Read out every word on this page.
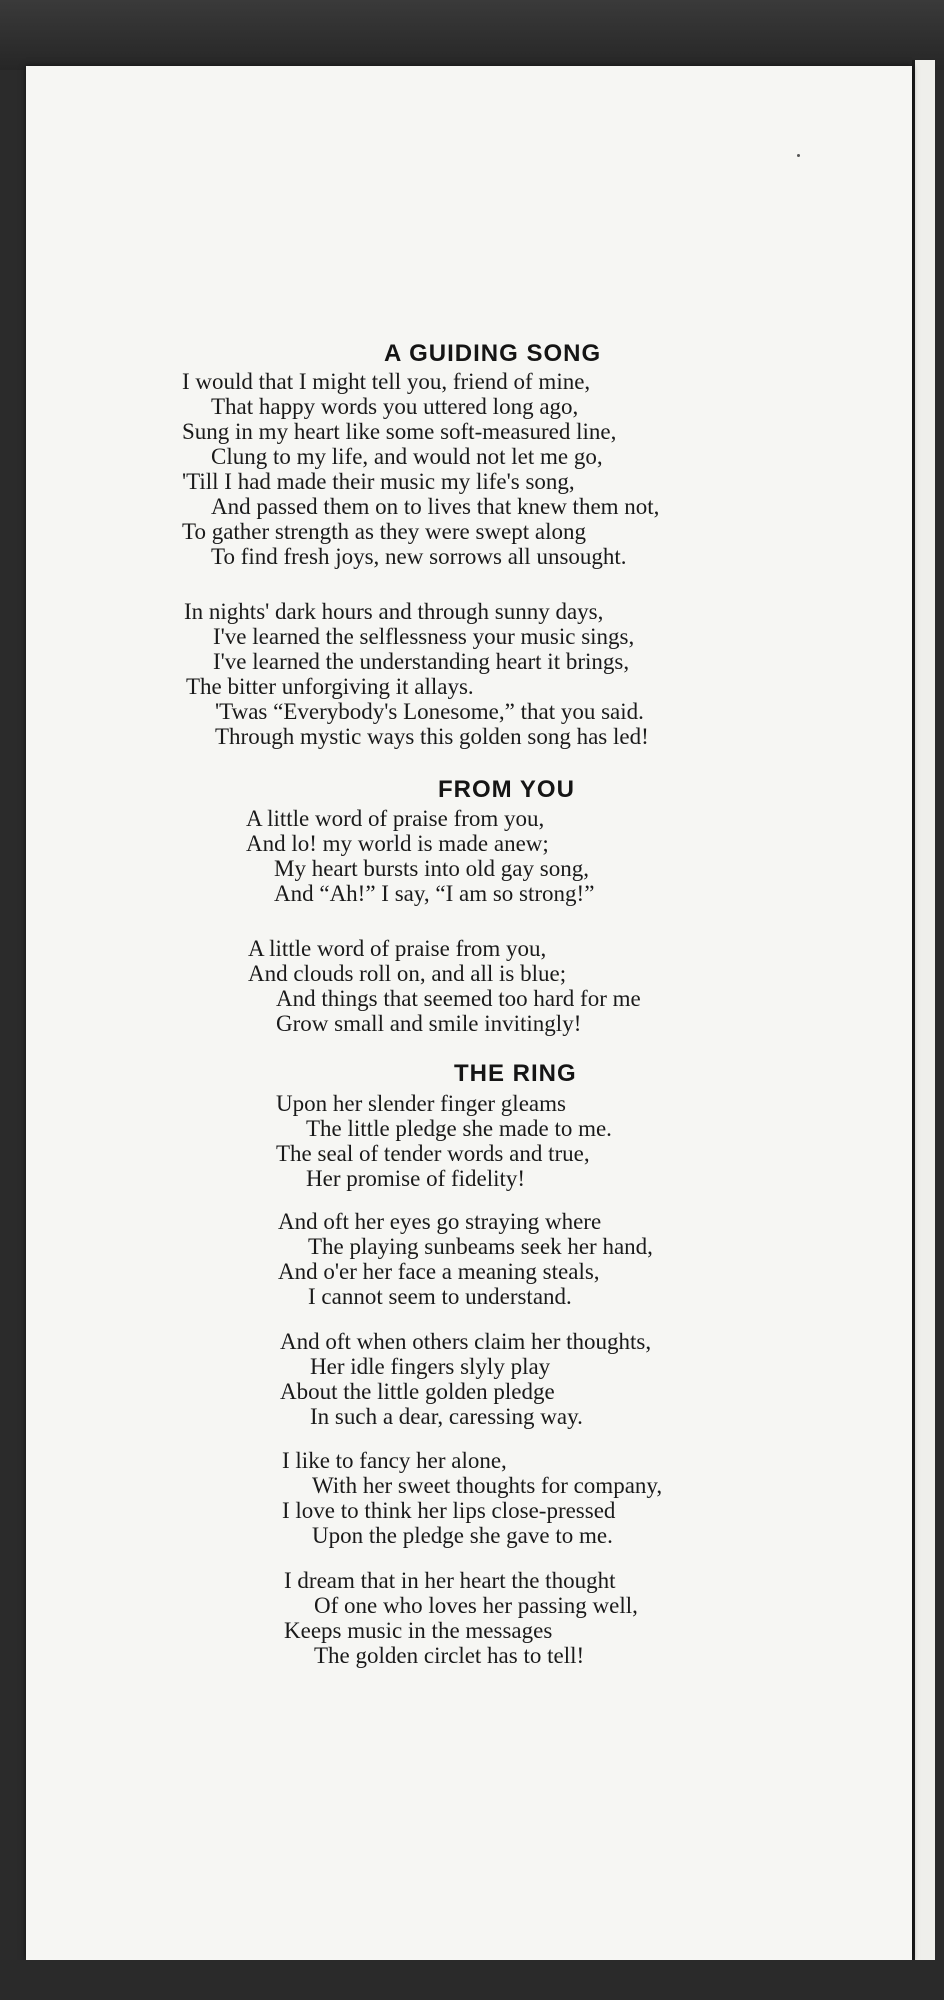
A GUIDING SONG

I would that I might tell you, friend of mine,

That happy words you uttered long ago,

Sung in my heart like some soft-measured line,

Clung to my life, and would not let me go,

'Till I had made their music my life's song,

And passed them on to lives that knew them not,

To gather strength as they were swept along

To find fresh joys, new sorrows all unsought.

In nights' dark hours and through sunny days,

I've learned the selflessness your music sings,

I've learned the understanding heart it brings,

The bitter unforgiving it allays.

'Twas “Everybody's Lonesome,” that you said.

Through mystic ways this golden song has led!

FROM YOU

A little word of praise from you,

And lo! my world is made anew;

My heart bursts into old gay song,

And “Ah!” I say, “I am so strong!”

A little word of praise from you,

And clouds roll on, and all is blue;

And things that seemed too hard for me

Grow small and smile invitingly!

THE RING

Upon her slender finger gleams

The little pledge she made to me.

The seal of tender words and true,

Her promise of fidelity!

And oft her eyes go straying where

The playing sunbeams seek her hand,

And o'er her face a meaning steals,

I cannot seem to understand.

And oft when others claim her thoughts,

Her idle fingers slyly play

About the little golden pledge

In such a dear, caressing way.

I like to fancy her alone,

With her sweet thoughts for company,

I love to think her lips close-pressed

Upon the pledge she gave to me.

I dream that in her heart the thought

Of one who loves her passing well,

Keeps music in the messages

The golden circlet has to tell!
